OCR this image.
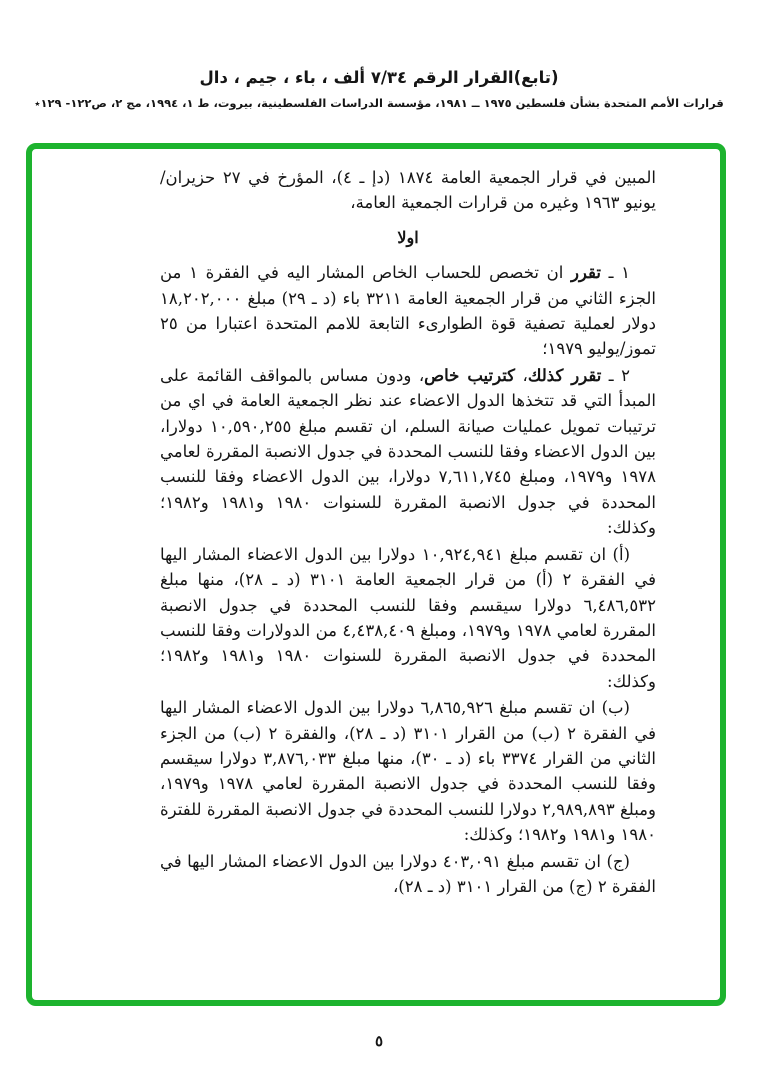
(تابع)القرار الرقم ٧/٣٤ ألف ، باء ، جيم ، دال
قرارات الأمم المتحدة بشأن فلسطين ١٩٧٥ ــ ١٩٨١، مؤسسة الدراسات الفلسطينية، بيروت، ط ١، ١٩٩٤، مج ٢، ص١٢٢- ١٢٩٭

المبين في قرار الجمعية العامة ١٨٧٤ (دإ ـ ٤)، المؤرخ في ٢٧ حزيران/يونيو ١٩٦٣ وغيره من قرارات الجمعية العامة،

اولا

١ ـ تقرر ان تخصص للحساب الخاص المشار اليه في الفقرة ١ من الجزء الثاني من قرار الجمعية العامة ٣٢١١ باء (د ـ ٢٩) مبلغ ١٨,٢٠٢,٠٠٠ دولار لعملية تصفية قوة الطوارىء التابعة للامم المتحدة اعتبارا من ٢٥ تموز/يوليو ١٩٧٩؛

٢ ـ تقرر كذلك، كترتيب خاص، ودون مساس بالمواقف القائمة على المبدأ التي قد تتخذها الدول الاعضاء عند نظر الجمعية العامة في اي من ترتيبات تمويل عمليات صيانة السلم، ان تقسم مبلغ ١٠,٥٩٠,٢٥٥ دولارا، بين الدول الاعضاء وفقا للنسب المحددة في جدول الانصبة المقررة لعامي ١٩٧٨ و١٩٧٩، ومبلغ ٧,٦١١,٧٤٥ دولارا، بين الدول الاعضاء وفقا للنسب المحددة في جدول الانصبة المقررة للسنوات ١٩٨٠ و١٩٨١ و١٩٨٢؛ وكذلك:

(أ) ان تقسم مبلغ ١٠,٩٢٤,٩٤١ دولارا بين الدول الاعضاء المشار اليها في الفقرة ٢ (أ) من قرار الجمعية العامة ٣١٠١ (د ـ ٢٨)، منها مبلغ ٦,٤٨٦,٥٣٢ دولارا سيقسم وفقا للنسب المحددة في جدول الانصبة المقررة لعامي ١٩٧٨ و١٩٧٩، ومبلغ ٤,٤٣٨,٤٠٩ من الدولارات وفقا للنسب المحددة في جدول الانصبة المقررة للسنوات ١٩٨٠ و١٩٨١ و١٩٨٢؛ وكذلك:

(ب) ان تقسم مبلغ ٦,٨٦٥,٩٢٦ دولارا بين الدول الاعضاء المشار اليها في الفقرة ٢ (ب) من القرار ٣١٠١ (د ـ ٢٨)، والفقرة ٢ (ب) من الجزء الثاني من القرار ٣٣٧٤ باء (د ـ ٣٠)، منها مبلغ ٣,٨٧٦,٠٣٣ دولارا سيقسم وفقا للنسب المحددة في جدول الانصبة المقررة لعامي ١٩٧٨ و١٩٧٩، ومبلغ ٢,٩٨٩,٨٩٣ دولارا للنسب المحددة في جدول الانصبة المقررة للفترة ١٩٨٠ و١٩٨١ و١٩٨٢؛ وكذلك:

(ج) ان تقسم مبلغ ٤٠٣,٠٩١ دولارا بين الدول الاعضاء المشار اليها في الفقرة ٢ (ج) من القرار ٣١٠١ (د ـ ٢٨)،

٥
